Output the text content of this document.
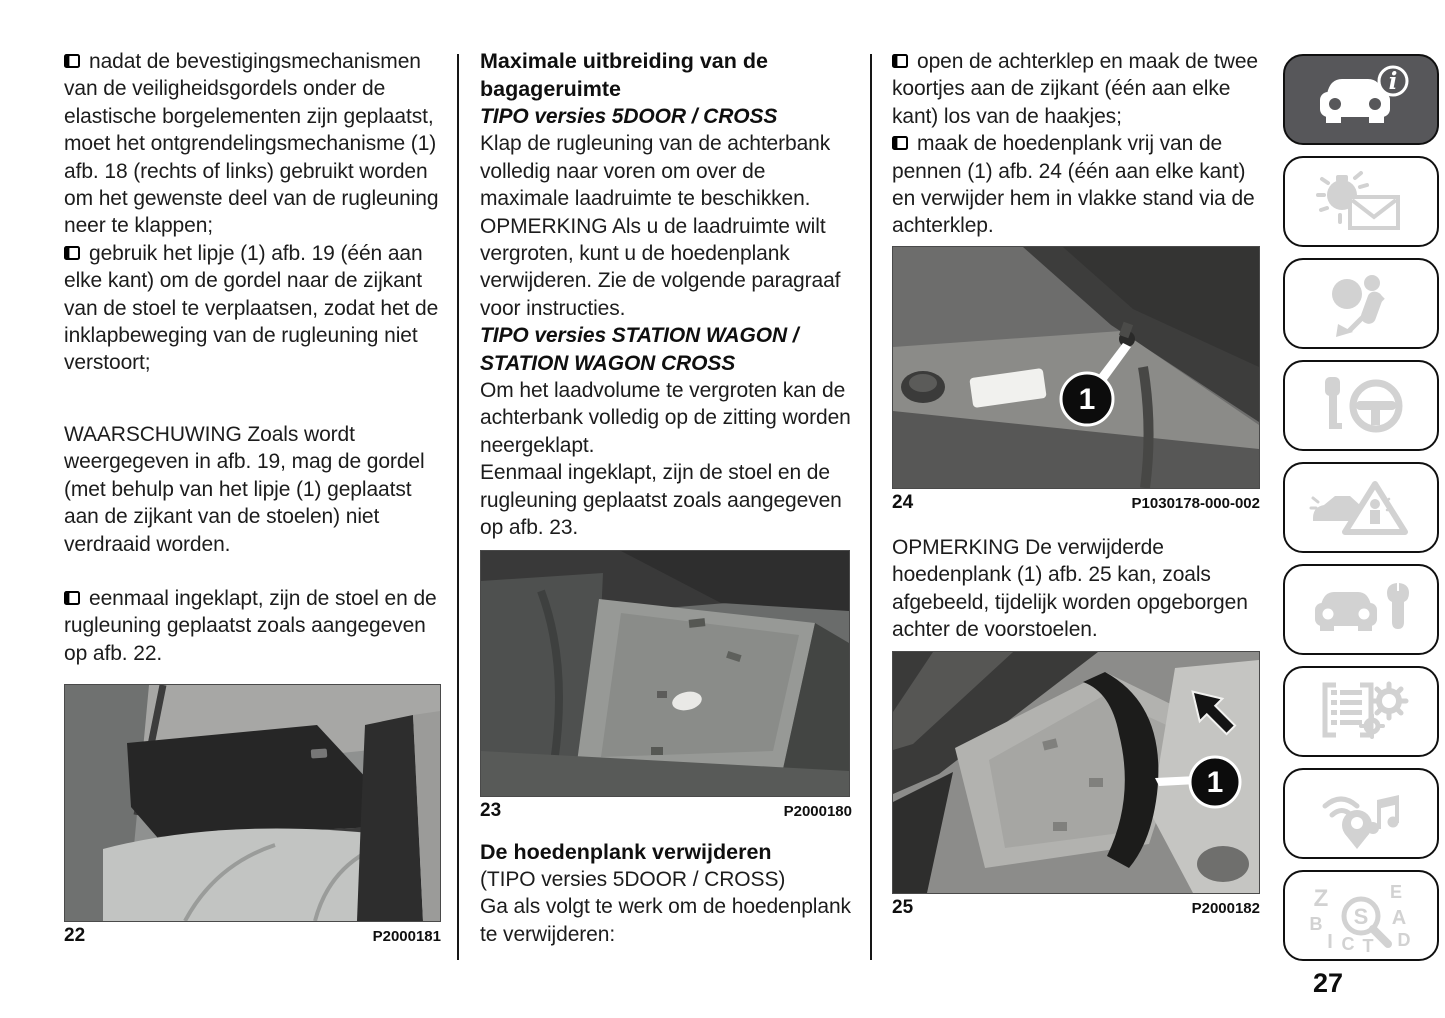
nadat de bevestigingsmechanismen van de veiligheidsgordels onder de elastische borgelementen zijn geplaatst, moet het ontgrendelingsmechanisme (1) afb. 18 (rechts of links) gebruikt worden om het gewenste deel van de rugleuning neer te klappen;

gebruik het lipje (1) afb. 19 (één aan elke kant) om de gordel naar de zijkant van de stoel te verplaatsen, zodat het de inklapbeweging van de rugleuning niet verstoort;

WAARSCHUWING Zoals wordt weergegeven in afb. 19, mag de gordel (met behulp van het lipje (1) geplaatst aan de zijkant van de stoelen) niet verdraaid worden.

eenmaal ingeklapt, zijn de stoel en de rugleuning geplaatst zoals aangegeven op afb. 22.

22	P2000181
Maximale uitbreiding van de bagageruimte

TIPO versies 5DOOR / CROSS

Klap de rugleuning van de achterbank volledig naar voren om over de maximale laadruimte te beschikken.

OPMERKING Als u de laadruimte wilt vergroten, kunt u de hoedenplank verwijderen. Zie de volgende paragraaf voor instructies.

TIPO versies STATION WAGON / STATION WAGON CROSS

Om het laadvolume te vergroten kan de achterbank volledig op de zitting worden neergeklapt.

Eenmaal ingeklapt, zijn de stoel en de rugleuning geplaatst zoals aangegeven op afb. 23.

23	P2000180
De hoedenplank verwijderen

(TIPO versies 5DOOR / CROSS)

Ga als volgt te werk om de hoedenplank te verwijderen:

open de achterklep en maak de twee koortjes aan de zijkant (één aan elke kant) los van de haakjes;

maak de hoedenplank vrij van de pennen (1) afb. 24 (één aan elke kant) en verwijder hem in vlakke stand via de achterklep.

1
24	P1030178-000-002

OPMERKING De verwijderde hoedenplank (1) afb. 25 kan, zoals afgebeeld, tijdelijk worden opgeborgen achter de voorstoelen.

1
25	P2000182
i
Z	E
B	A
I C T D
S
27
